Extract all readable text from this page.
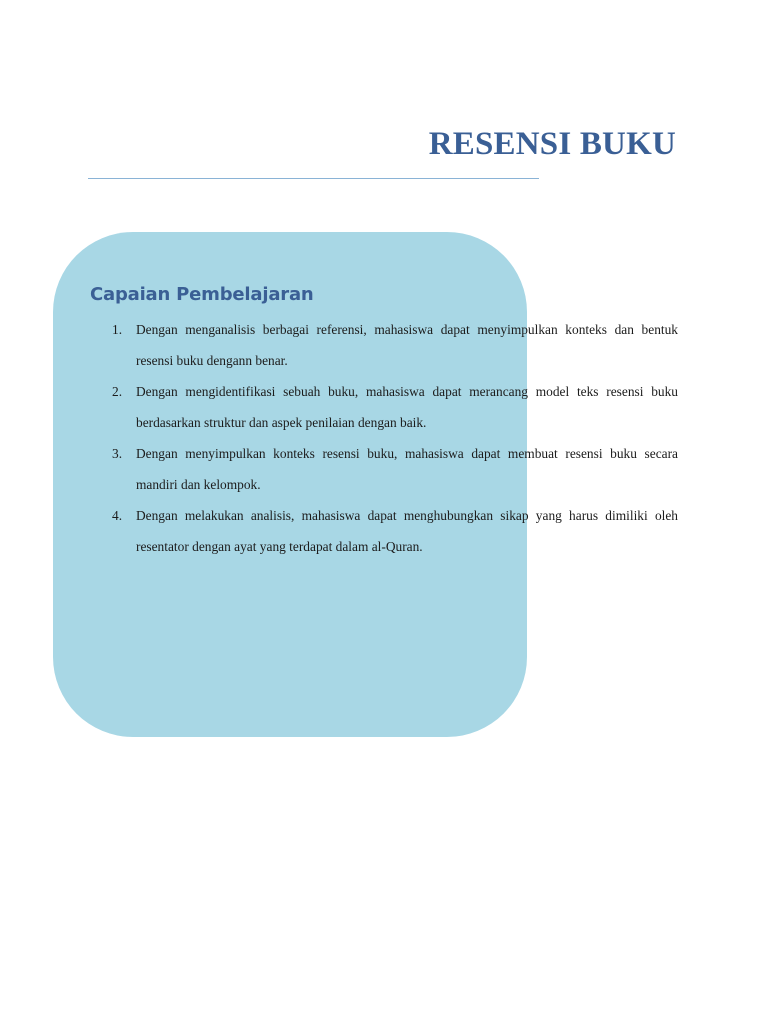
RESENSI BUKU
Capaian Pembelajaran
1. Dengan menganalisis berbagai referensi, mahasiswa dapat menyimpulkan konteks dan bentuk resensi buku dengann benar.
2. Dengan mengidentifikasi sebuah buku, mahasiswa dapat merancang model teks resensi buku berdasarkan struktur dan aspek penilaian dengan baik.
3. Dengan menyimpulkan konteks resensi buku, mahasiswa dapat membuat resensi buku secara mandiri dan kelompok.
4. Dengan melakukan analisis, mahasiswa dapat menghubungkan sikap yang harus dimiliki oleh resentator dengan ayat yang terdapat dalam al-Quran.
